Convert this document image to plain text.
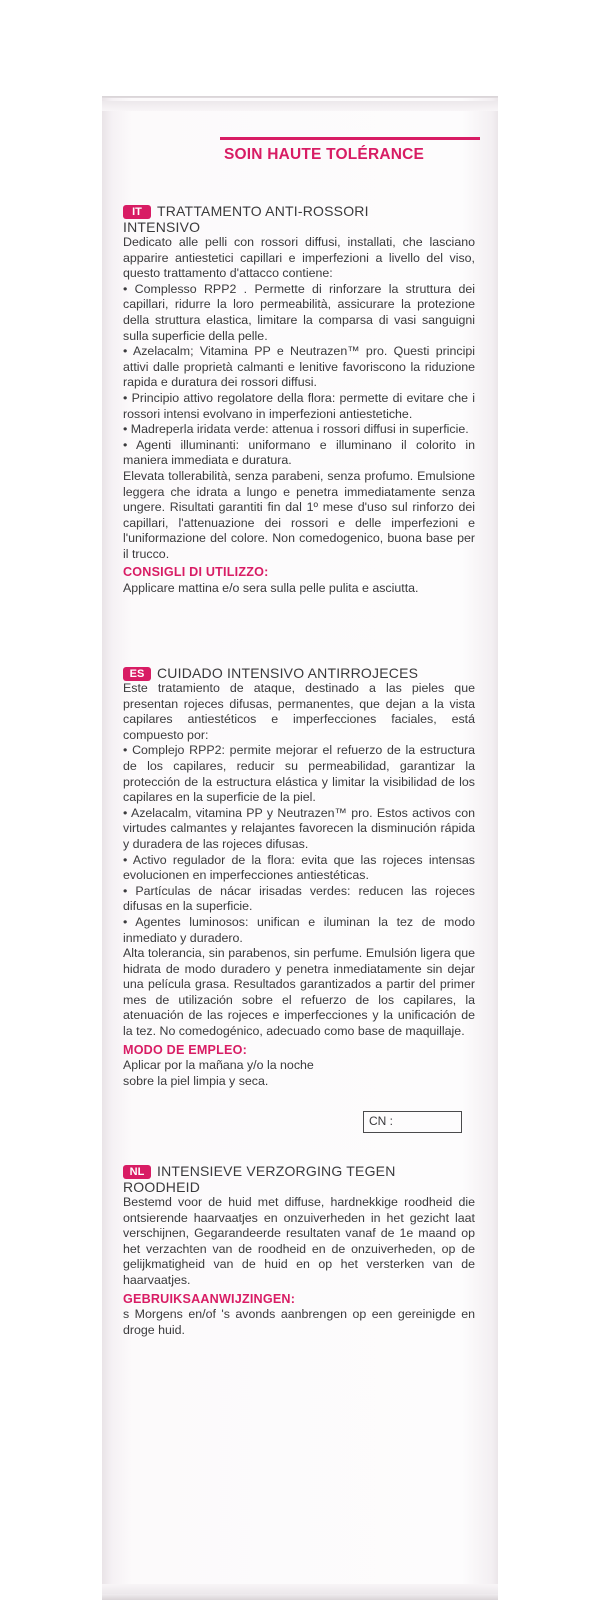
SOIN HAUTE TOLÉRANCE
IT	TRATTAMENTO ANTI-ROSSORI
INTENSIVO

Dedicato alle pelli con rossori diffusi, installati, che lasciano apparire antiestetici capillari e imperfezioni a livello del viso, questo trattamento d'attacco contiene:

• Complesso RPP2 . Permette di rinforzare la struttura dei capillari, ridurre la loro permeabilità, assicurare la protezione della struttura elastica, limitare la comparsa di vasi sanguigni sulla superficie della pelle.

• Azelacalm; Vitamina PP e Neutrazen™ pro. Questi principi attivi dalle proprietà calmanti e lenitive favoriscono la riduzione rapida e duratura dei rossori diffusi.

• Principio attivo regolatore della flora: permette di evitare che i rossori intensi evolvano in imperfezioni antiestetiche.

• Madreperla iridata verde: attenua i rossori diffusi in superficie.

• Agenti illuminanti: uniformano e illuminano il colorito in maniera immediata e duratura.

Elevata tollerabilità, senza parabeni, senza profumo. Emulsione leggera che idrata a lungo e penetra immediatamente senza ungere. Risultati garantiti fin dal 1º mese d'uso sul rinforzo dei capillari, l'attenuazione dei rossori e delle imperfezioni e l'uniformazione del colore. Non comedogenico, buona base per il trucco.

CONSIGLI DI UTILIZZO:

Applicare mattina e/o sera sulla pelle pulita e asciutta.

ES CUIDADO INTENSIVO ANTIRROJECES

Este tratamiento de ataque, destinado a las pieles que presentan rojeces difusas, permanentes, que dejan a la vista capilares antiestéticos e imperfecciones faciales, está compuesto por:

• Complejo RPP2: permite mejorar el refuerzo de la estructura de los capilares, reducir su permeabilidad, garantizar la protección de la estructura elástica y limitar la visibilidad de los capilares en la superficie de la piel.

• Azelacalm, vitamina PP y Neutrazen™ pro. Estos activos con virtudes calmantes y relajantes favorecen la disminución rápida y duradera de las rojeces difusas.

• Activo regulador de la flora: evita que las rojeces intensas evolucionen en imperfecciones antiestéticas.

• Partículas de nácar irisadas verdes: reducen las rojeces difusas en la superficie.

• Agentes luminosos: unifican e iluminan la tez de modo inmediato y duradero.

Alta tolerancia, sin parabenos, sin perfume. Emulsión ligera que hidrata de modo duradero y penetra inmediatamente sin dejar una película grasa. Resultados garantizados a partir del primer mes de utilización sobre el refuerzo de los capilares, la atenuación de las rojeces e imperfecciones y la unificación de la tez. No comedogénico, adecuado como base de maquillaje.

MODO DE EMPLEO:
Aplicar por la mañana y/o la noche
sobre la piel limpia y seca.
CN :
NL INTENSIEVE VERZORGING TEGEN
ROODHEID

Bestemd voor de huid met diffuse, hardnekkige roodheid die ontsierende haarvaatjes en onzuiverheden in het gezicht laat verschijnen, Gegarandeerde resultaten vanaf de 1e maand op het verzachten van de roodheid en de onzuiverheden, op de gelijkmatigheid van de huid en op het versterken van de haarvaatjes.

GEBRUIKSAANWIJZINGEN:

s Morgens en/of 's avonds aanbrengen op een gereinigde en droge huid.
